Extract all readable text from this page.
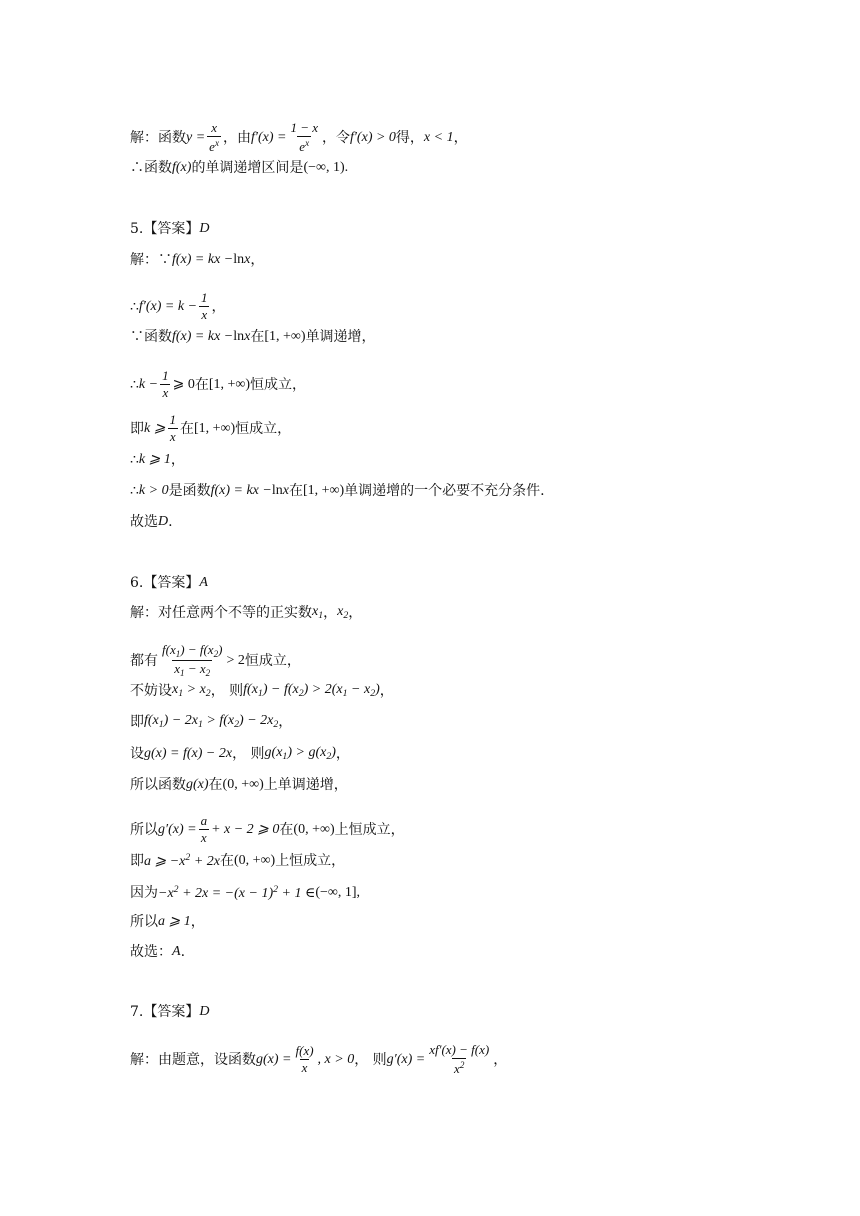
解： 函数 $y = \frac{x}{e^x}$ ， 由 $f'(x) = \frac{1 - x}{e^x}$ ， 令 f′(x) > 0 得， x < 1 ，
∴函数 f(x) 的单调递增区间是 (−∞, 1).
5.【答案】 D
解：∵ f(x) = kx − ln x ，
∴ $f'(x) = k - \frac{1}{x}$ ，
∵函数 f(x) = kx − ln x 在 [1, +∞) 单调递增，
∴ $k - \frac{1}{x}$ ⩾ 0 在 [1, +∞) 恒成立，
即 k ⩾ $\frac{1}{x}$ 在 [1, +∞) 恒成立，
∴ k ⩾ 1 ，
∴ k > 0 是函数 f(x) = kx − ln x 在 [1, +∞) 单调递增的一个必要不充分条件.
故选 D .
6.【答案】 A
解：对任意两个不等的正实数 $x_1$ ， $x_2$ ，
都有 $\frac{f(x_1) - f(x_2)}{x_1 - x_2} > 2$ 恒成立，
不妨设 $x_1 > x_2$ ， 则 $f(x_1) - f(x_2) > 2(x_1 - x_2)$ ，
即 $f(x_1) - 2x_1 > f(x_2) - 2x_2$ ，
设 g(x) = f(x) − 2x ， 则 $g(x_1) > g(x_2)$ ，
所以函数 g(x) 在 (0, +∞) 上单调递增，
所以 $g'(x) = \frac{a}{x} + x - 2$ ⩾ 0 在 (0, +∞) 上恒成立，
即 a ⩾ $-x^2 + 2x$ 在 (0, +∞) 上恒成立，
因为 $-x^2 + 2x = -(x - 1)^2 + 1$ ∈ (−∞, 1],
所以 a ⩾ 1 ，
故选： A .
7.【答案】 D
解：由题意，设函数 $g(x) = \frac{f(x)}{x}$ , x > 0 ， 则 $g'(x) = \frac{xf'(x) - f(x)}{x^2}$ ，
